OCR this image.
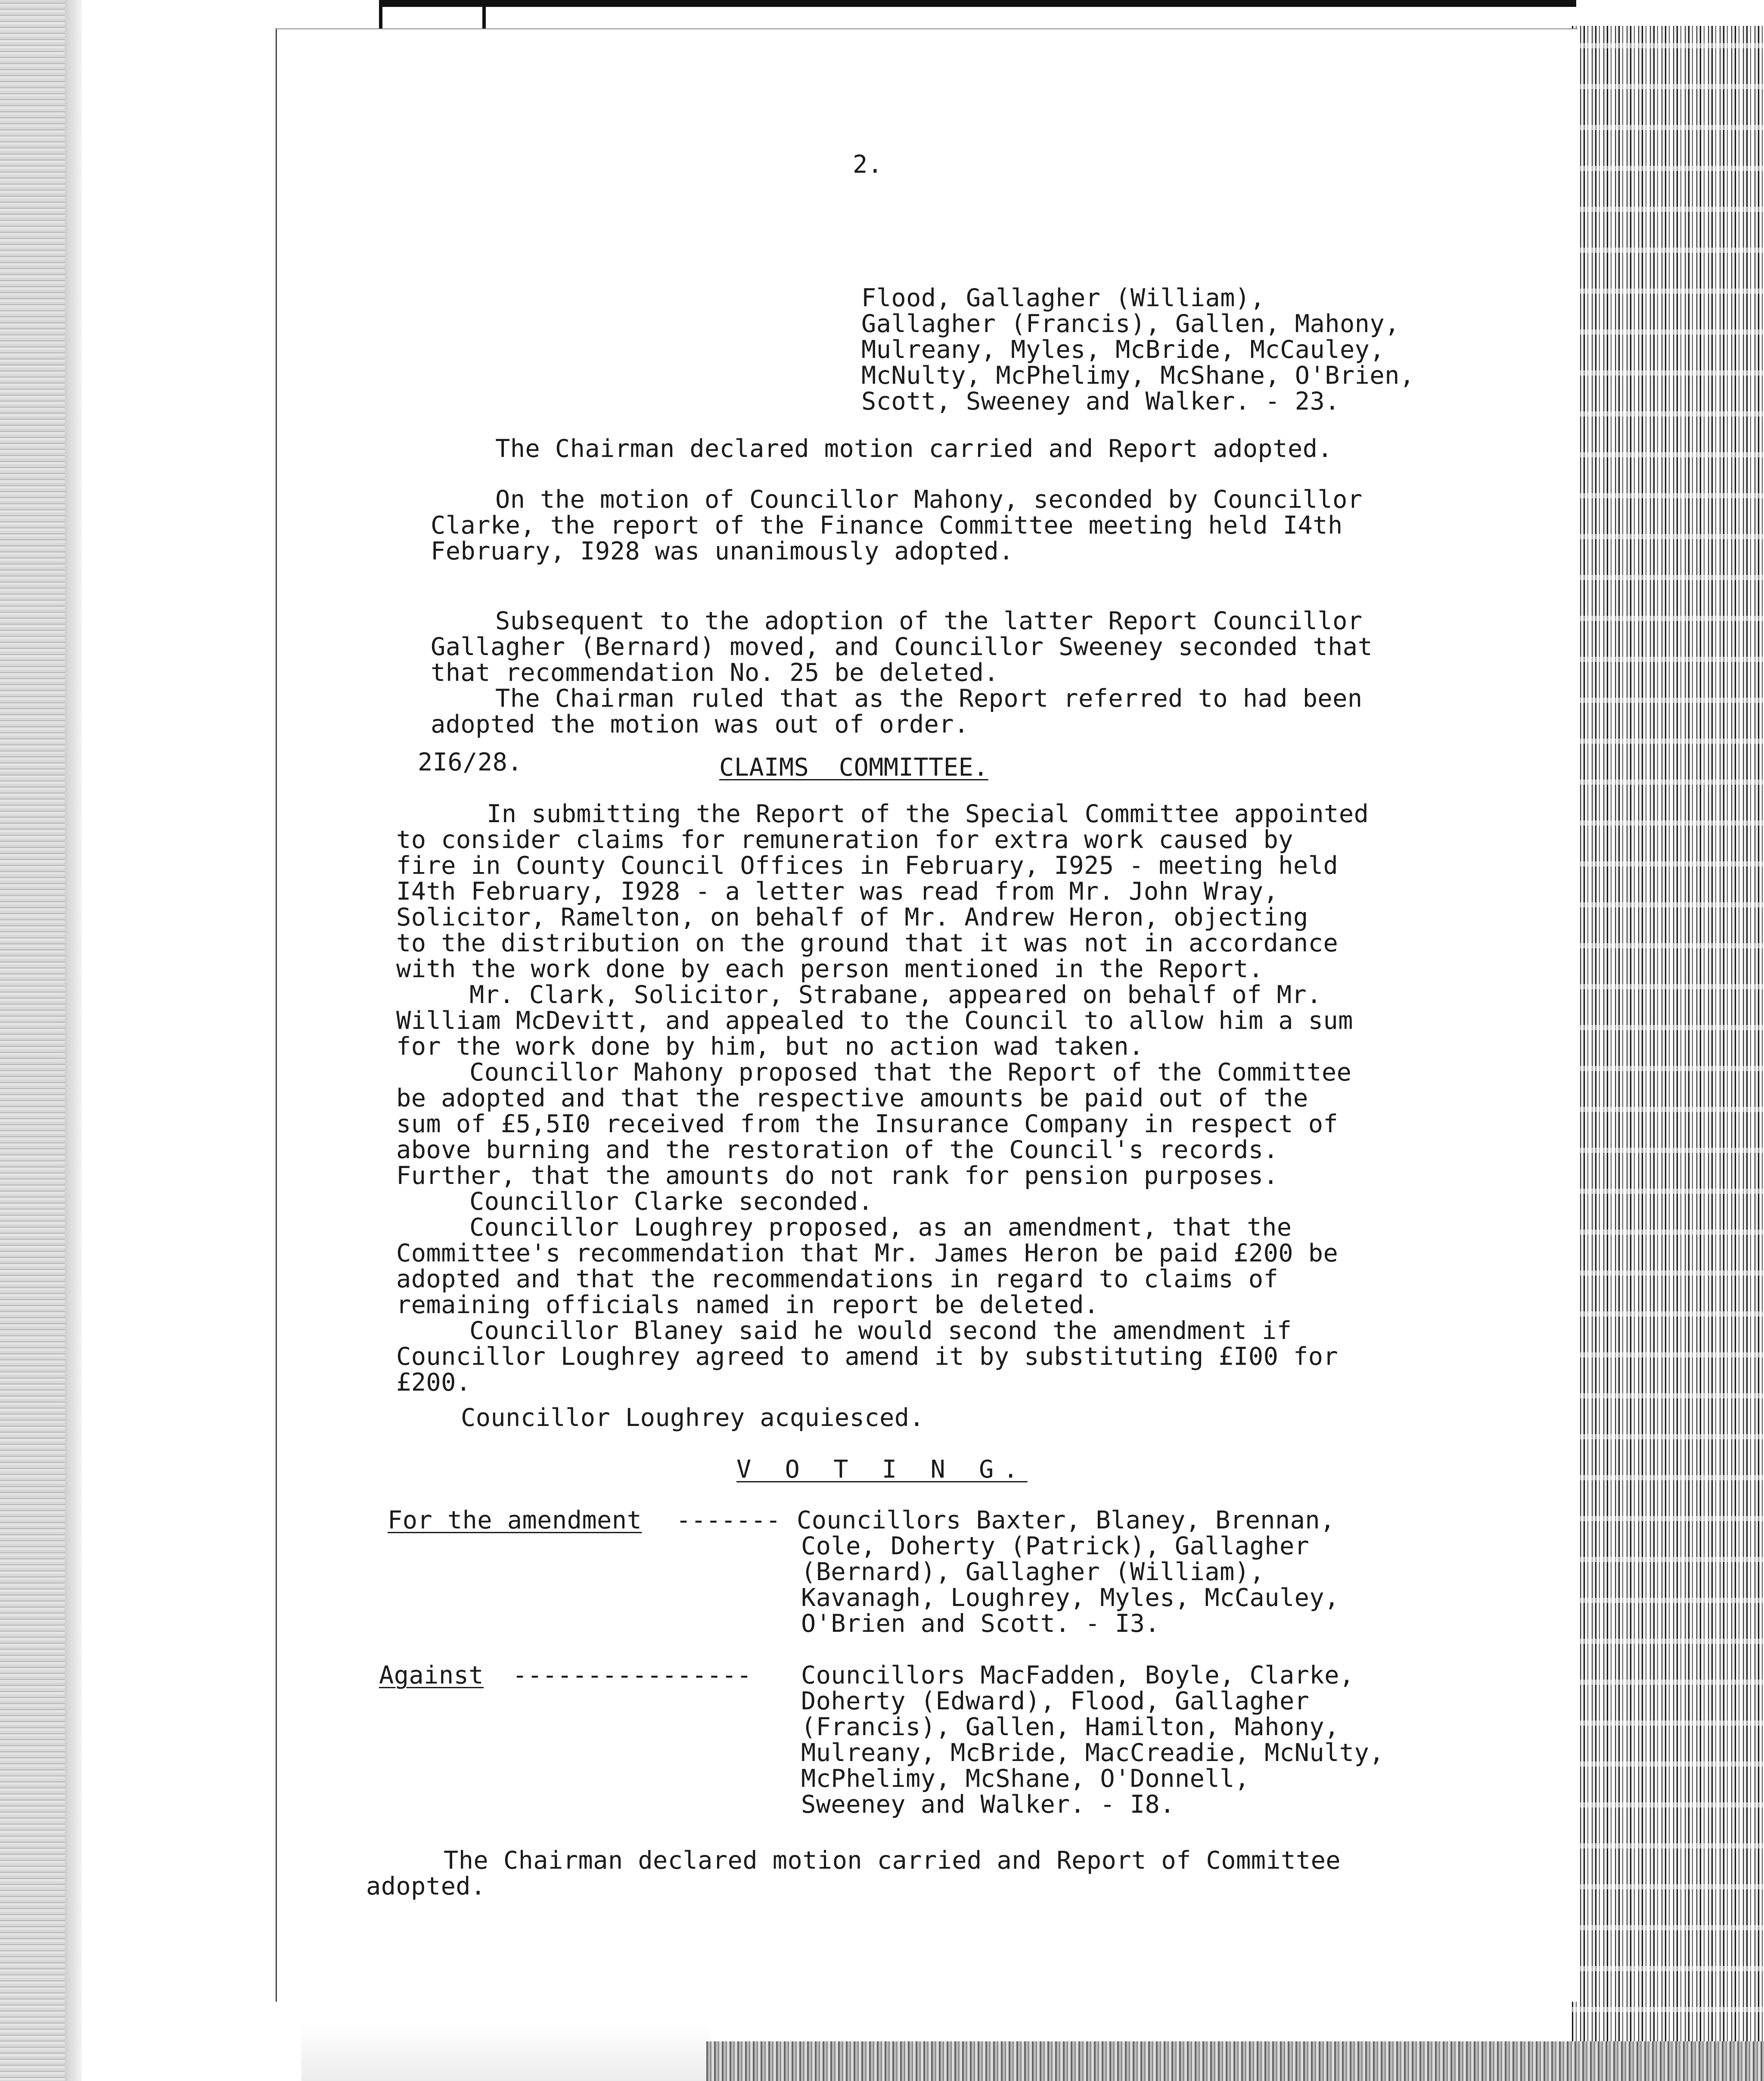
2.

Flood, Gallagher (William),

Gallagher (Francis), Gallen, Mahony,

Mulreany, Myles, McBride, McCauley,

McNulty, McPhelimy, McShane, O'Brien,

Scott, Sweeney and Walker. - 23.

The Chairman declared motion carried and Report adopted.

On the motion of Councillor Mahony, seconded by Councillor

Clarke, the report of the Finance Committee meeting held I4th

February, I928 was unanimously adopted.

Subsequent to the adoption of the latter Report Councillor

Gallagher (Bernard) moved, and Councillor Sweeney seconded that

that recommendation No. 25 be deleted.

The Chairman ruled that as the Report referred to had been

adopted the motion was out of order.

2I6/28.	CLAIMS  COMMITTEE.

In submitting the Report of the Special Committee appointed

to consider claims for remuneration for extra work caused by

fire in County Council Offices in February, I925 - meeting held

I4th February, I928 - a letter was read from Mr. John Wray,

Solicitor, Ramelton, on behalf of Mr. Andrew Heron, objecting

to the distribution on the ground that it was not in accordance

with the work done by each person mentioned in the Report.

Mr. Clark, Solicitor, Strabane, appeared on behalf of Mr.

William McDevitt, and appealed to the Council to allow him a sum

for the work done by him, but no action wad taken.

Councillor Mahony proposed that the Report of the Committee

be adopted and that the respective amounts be paid out of the

sum of £5,5I0 received from the Insurance Company in respect of

above burning and the restoration of the Council's records.

Further, that the amounts do not rank for pension purposes.

Councillor Clarke seconded.

Councillor Loughrey proposed, as an amendment, that the

Committee's recommendation that Mr. James Heron be paid £200 be

adopted and that the recommendations in regard to claims of

remaining officials named in report be deleted.

Councillor Blaney said he would second the amendment if

Councillor Loughrey agreed to amend it by substituting £I00 for

£200.

Councillor Loughrey acquiesced.

V O T I N G.

For the amendment ------- Councillors Baxter, Blaney, Brennan,

Cole, Doherty (Patrick), Gallagher

(Bernard), Gallagher (William),

Kavanagh, Loughrey, Myles, McCauley,

O'Brien and Scott. - I3.

Against ---------------- Councillors MacFadden, Boyle, Clarke,

Doherty (Edward), Flood, Gallagher

(Francis), Gallen, Hamilton, Mahony,

Mulreany, McBride, MacCreadie, McNulty,

McPhelimy, McShane, O'Donnell,

Sweeney and Walker. - I8.

The Chairman declared motion carried and Report of Committee

adopted.
